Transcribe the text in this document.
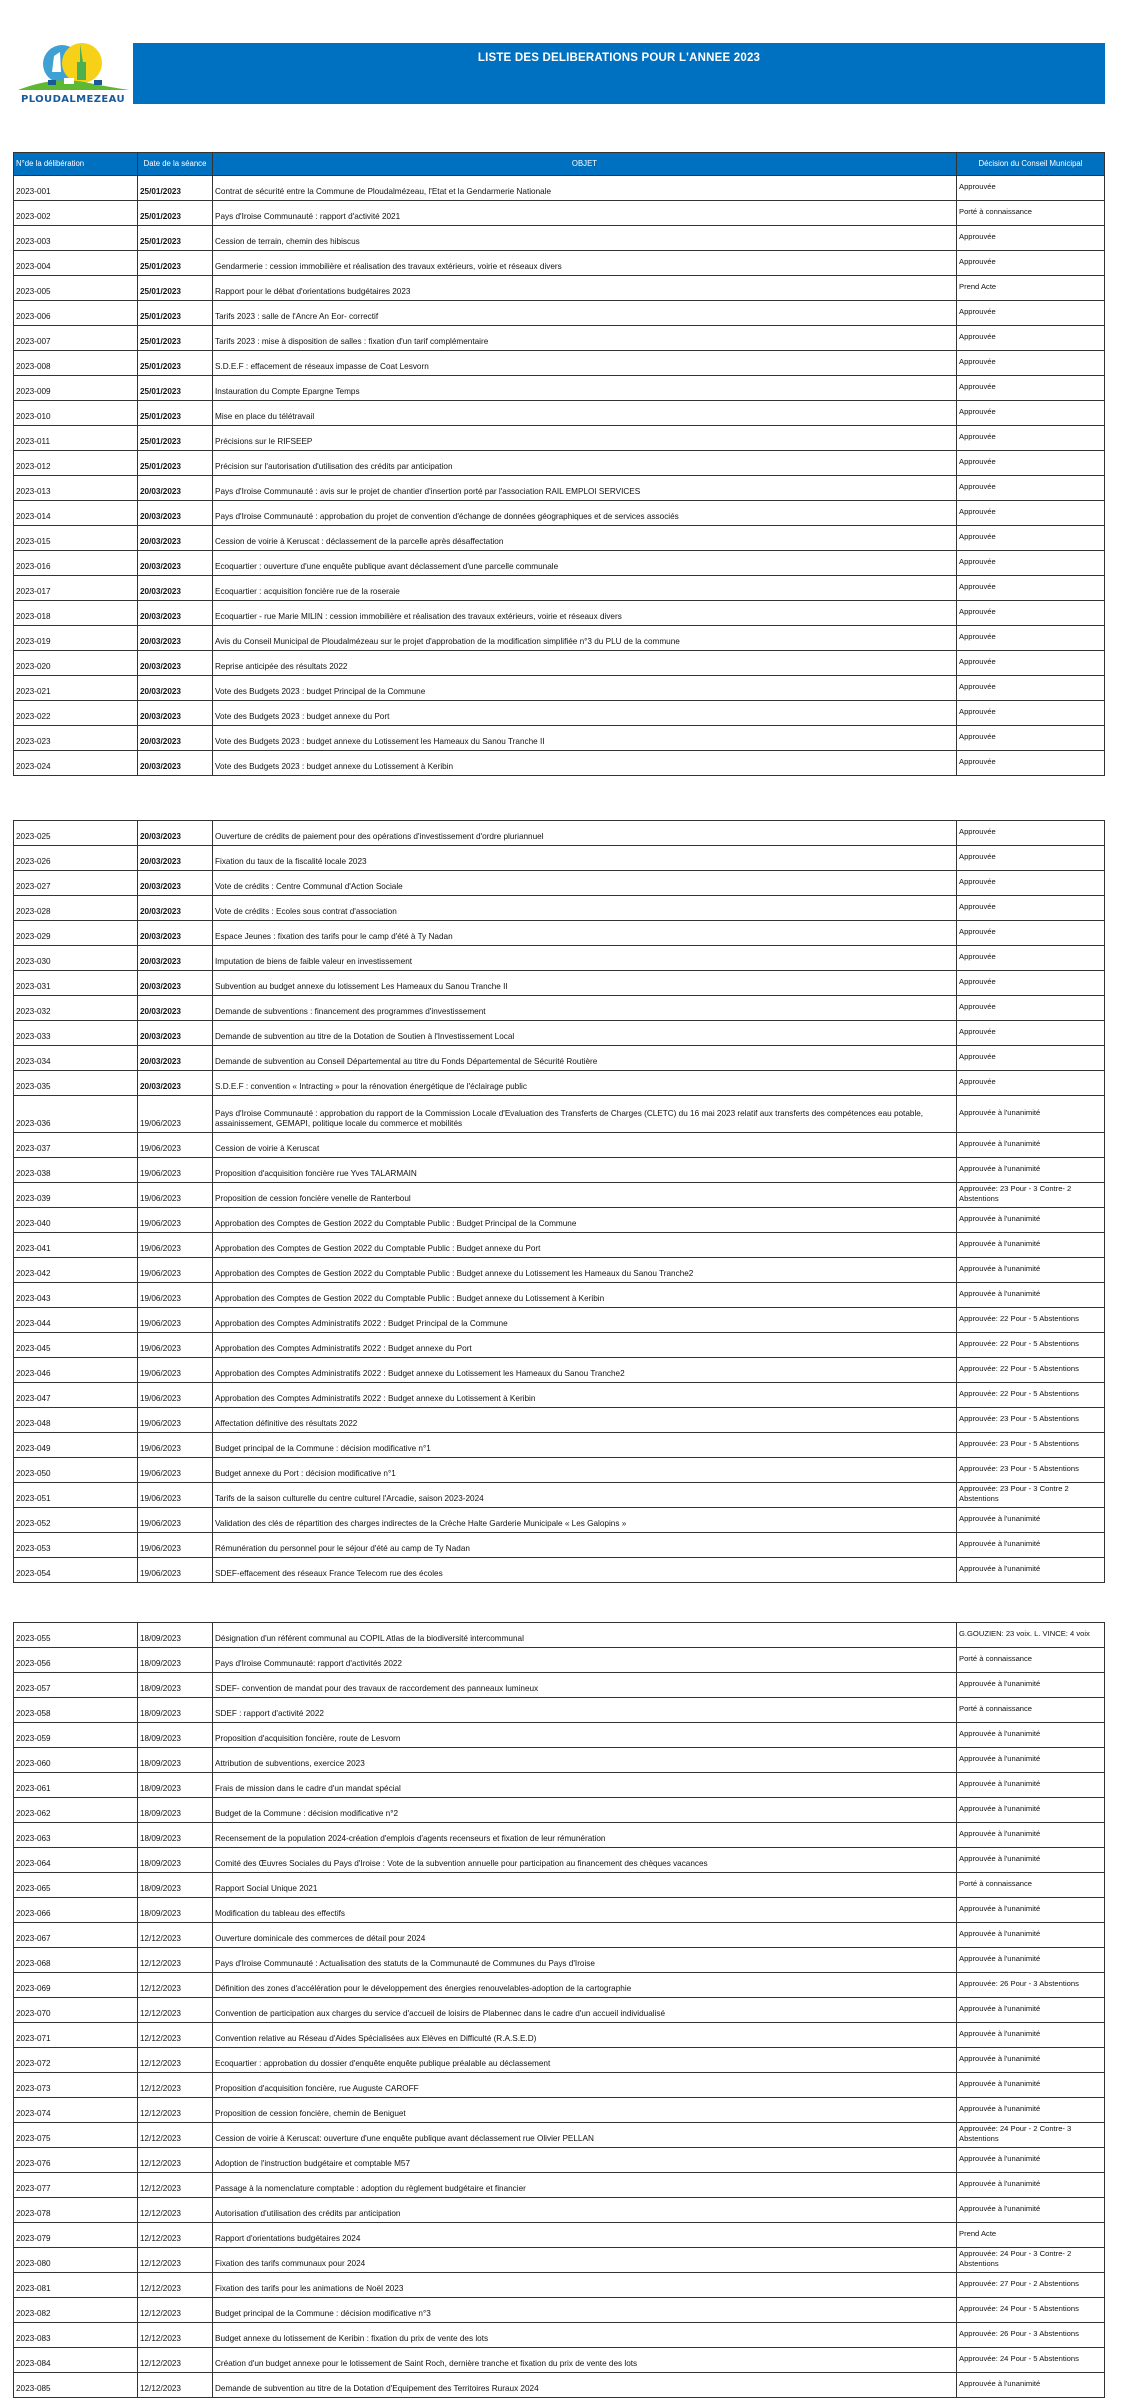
PLOUDALMEZEAU
LISTE DES DELIBERATIONS POUR L'ANNEE 2023
N°de la délibération	Date de la séance	OBJET	Décision du Conseil Municipal
2023-001	25/01/2023	Contrat de sécurité entre la Commune de Ploudalmézeau, l'Etat et la Gendarmerie Nationale	Approuvée
2023-002	25/01/2023	Pays d'Iroise Communauté : rapport d'activité 2021	Porté à connaissance
2023-003	25/01/2023	Cession de terrain, chemin des hibiscus	Approuvée
2023-004	25/01/2023	Gendarmerie : cession immobilière et réalisation des travaux extérieurs, voirie et réseaux divers	Approuvée
2023-005	25/01/2023	Rapport pour le débat d'orientations budgétaires 2023	Prend Acte
2023-006	25/01/2023	Tarifs 2023 : salle de l'Ancre An Eor- correctif	Approuvée
2023-007	25/01/2023	Tarifs 2023 : mise à disposition de salles : fixation d'un tarif complémentaire	Approuvée
2023-008	25/01/2023	S.D.E.F : effacement de réseaux impasse de Coat Lesvorn	Approuvée
2023-009	25/01/2023	Instauration du Compte Epargne Temps	Approuvée
2023-010	25/01/2023	Mise en place du télétravail	Approuvée
2023-011	25/01/2023	Précisions sur le RIFSEEP	Approuvée
2023-012	25/01/2023	Précision sur l'autorisation d'utilisation des crédits par anticipation	Approuvée
2023-013	20/03/2023	Pays d'Iroise Communauté : avis sur le projet de chantier d'insertion porté par l'association RAIL EMPLOI SERVICES	Approuvée
2023-014	20/03/2023	Pays d'Iroise Communauté : approbation du projet de convention d'échange de données géographiques et de services associés	Approuvée
2023-015	20/03/2023	Cession de voirie à Keruscat : déclassement de la parcelle après désaffectation	Approuvée
2023-016	20/03/2023	Ecoquartier : ouverture d'une enquête publique avant déclassement d'une parcelle communale	Approuvée
2023-017	20/03/2023	Ecoquartier : acquisition foncière rue de la roseraie	Approuvée
2023-018	20/03/2023	Ecoquartier - rue Marie MILIN : cession immobilière et réalisation des travaux extérieurs, voirie et réseaux divers	Approuvée
2023-019	20/03/2023	Avis du Conseil Municipal de Ploudalmézeau sur le projet d'approbation de la modification simplifiée n°3 du PLU de la commune	Approuvée
2023-020	20/03/2023	Reprise anticipée des résultats 2022	Approuvée
2023-021	20/03/2023	Vote des Budgets 2023 : budget Principal de la Commune	Approuvée
2023-022	20/03/2023	Vote des Budgets 2023 : budget annexe du Port	Approuvée
2023-023	20/03/2023	Vote des Budgets 2023 : budget annexe du Lotissement les Hameaux du Sanou Tranche II	Approuvée
2023-024	20/03/2023	Vote des Budgets 2023 : budget annexe du Lotissement à Keribin	Approuvée
2023-025	20/03/2023	Ouverture de crédits de paiement pour des opérations d'investissement d'ordre pluriannuel	Approuvée
2023-026	20/03/2023	Fixation du taux de la fiscalité locale 2023	Approuvée
2023-027	20/03/2023	Vote de crédits : Centre Communal d'Action Sociale	Approuvée
2023-028	20/03/2023	Vote de crédits : Ecoles sous contrat d'association	Approuvée
2023-029	20/03/2023	Espace Jeunes : fixation des tarifs pour le camp d'été à Ty Nadan	Approuvée
2023-030	20/03/2023	Imputation de biens de faible valeur en investissement	Approuvée
2023-031	20/03/2023	Subvention au budget annexe du lotissement Les Hameaux du Sanou Tranche II	Approuvée
2023-032	20/03/2023	Demande de subventions : financement des programmes d'investissement	Approuvée
2023-033	20/03/2023	Demande de subvention au titre de la Dotation de Soutien à l'Investissement Local	Approuvée
2023-034	20/03/2023	Demande de subvention au Conseil Départemental au titre du Fonds Départemental de Sécurité Routière	Approuvée
2023-035	20/03/2023	S.D.E.F : convention « Intracting » pour la rénovation énergétique de l'éclairage public	Approuvée
2023-036	19/06/2023	Pays d'Iroise Communauté : approbation du rapport de la Commission Locale d'Evaluation des Transferts de Charges (CLETC) du 16 mai 2023 relatif aux transferts des compétences eau potable, assainissement, GEMAPI, politique locale du commerce et mobilités	Approuvée à l'unanimité
2023-037	19/06/2023	Cession de voirie à Keruscat	Approuvée à l'unanimité
2023-038	19/06/2023	Proposition d'acquisition foncière rue Yves TALARMAIN	Approuvée à l'unanimité
2023-039	19/06/2023	Proposition de cession foncière venelle de Ranterboul	Approuvée: 23 Pour - 3 Contre- 2 Abstentions
2023-040	19/06/2023	Approbation des Comptes de Gestion 2022 du Comptable Public : Budget Principal de la Commune	Approuvée à l'unanimité
2023-041	19/06/2023	Approbation des Comptes de Gestion 2022 du Comptable Public : Budget annexe du Port	Approuvée à l'unanimité
2023-042	19/06/2023	Approbation des Comptes de Gestion 2022 du Comptable Public : Budget annexe du Lotissement les Hameaux du Sanou Tranche2	Approuvée à l'unanimité
2023-043	19/06/2023	Approbation des Comptes de Gestion 2022 du Comptable Public : Budget annexe du Lotissement à Keribin	Approuvée à l'unanimité
2023-044	19/06/2023	Approbation des Comptes Administratifs 2022 : Budget Principal de la Commune	Approuvée: 22 Pour - 5 Abstentions
2023-045	19/06/2023	Approbation des Comptes Administratifs 2022 : Budget annexe du Port	Approuvée: 22 Pour - 5 Abstentions
2023-046	19/06/2023	Approbation des Comptes Administratifs 2022 : Budget annexe du Lotissement les Hameaux du Sanou Tranche2	Approuvée: 22 Pour - 5 Abstentions
2023-047	19/06/2023	Approbation des Comptes Administratifs 2022 : Budget annexe du Lotissement à Keribin	Approuvée: 22 Pour - 5 Abstentions
2023-048	19/06/2023	Affectation définitive des résultats 2022	Approuvée: 23 Pour - 5 Abstentions
2023-049	19/06/2023	Budget principal de la Commune : décision modificative n°1	Approuvée: 23 Pour - 5 Abstentions
2023-050	19/06/2023	Budget annexe du Port : décision modificative n°1	Approuvée: 23 Pour - 5 Abstentions
2023-051	19/06/2023	Tarifs de la saison culturelle du centre culturel l'Arcadie, saison 2023-2024	Approuvée: 23 Pour - 3 Contre 2 Abstentions
2023-052	19/06/2023	Validation des clés de répartition des charges indirectes de la Crèche Halte Garderie Municipale « Les Galopins »	Approuvée à l'unanimité
2023-053	19/06/2023	Rémunération du personnel pour le séjour d'été au camp de Ty Nadan	Approuvée à l'unanimité
2023-054	19/06/2023	SDEF-effacement des réseaux France Telecom rue des écoles	Approuvée à l'unanimité
2023-055	18/09/2023	Désignation d'un référent communal au COPIL Atlas de la biodiversité intercommunal	G.GOUZIEN: 23 voix. L. VINCE: 4 voix
2023-056	18/09/2023	Pays d'Iroise Communauté: rapport d'activités 2022	Porté à connaissance
2023-057	18/09/2023	SDEF- convention de mandat pour des travaux de raccordement des panneaux lumineux	Approuvée à l'unanimité
2023-058	18/09/2023	SDEF : rapport d'activité 2022	Porté à connaissance
2023-059	18/09/2023	Proposition d'acquisition foncière, route de Lesvorn	Approuvée à l'unanimité
2023-060	18/09/2023	Attribution de subventions, exercice 2023	Approuvée à l'unanimité
2023-061	18/09/2023	Frais de mission dans le cadre d'un mandat spécial	Approuvée à l'unanimité
2023-062	18/09/2023	Budget de la Commune : décision modificative n°2	Approuvée à l'unanimité
2023-063	18/09/2023	Recensement de la population 2024-création d'emplois d'agents recenseurs et fixation de leur rémunération	Approuvée à l'unanimité
2023-064	18/09/2023	Comité des Œuvres Sociales du Pays d'Iroise : Vote de la subvention annuelle pour participation au financement des chèques vacances	Approuvée à l'unanimité
2023-065	18/09/2023	Rapport Social Unique 2021	Porté à connaissance
2023-066	18/09/2023	Modification du tableau des effectifs	Approuvée à l'unanimité
2023-067	12/12/2023	Ouverture dominicale des commerces de détail pour 2024	Approuvée à l'unanimité
2023-068	12/12/2023	Pays d'Iroise Communauté : Actualisation des statuts de la Communauté de Communes du Pays d'Iroise	Approuvée à l'unanimité
2023-069	12/12/2023	Définition des zones d'accélération pour le développement des énergies renouvelables-adoption de la cartographie	Approuvée: 26 Pour - 3 Abstentions
2023-070	12/12/2023	Convention de participation aux charges du service d'accueil de loisirs de Plabennec dans le cadre d'un accueil individualisé	Approuvée à l'unanimité
2023-071	12/12/2023	Convention relative au Réseau d'Aides Spécialisées aux Elèves en Difficulté (R.A.S.E.D)	Approuvée à l'unanimité
2023-072	12/12/2023	Ecoquartier : approbation du dossier d'enquête enquête publique préalable au déclassement	Approuvée à l'unanimité
2023-073	12/12/2023	Proposition d'acquisition foncière, rue Auguste CAROFF	Approuvée à l'unanimité
2023-074	12/12/2023	Proposition de cession foncière, chemin de Beniguet	Approuvée à l'unanimité
2023-075	12/12/2023	Cession de voirie à Keruscat: ouverture d'une enquête publique avant déclassement rue Olivier PELLAN	Approuvée: 24 Pour - 2 Contre- 3 Abstentions
2023-076	12/12/2023	Adoption de l'instruction budgétaire et comptable M57	Approuvée à l'unanimité
2023-077	12/12/2023	Passage à la nomenclature comptable : adoption du règlement budgétaire et financier	Approuvée à l'unanimité
2023-078	12/12/2023	Autorisation d'utilisation des crédits par anticipation	Approuvée à l'unanimité
2023-079	12/12/2023	Rapport d'orientations budgétaires 2024	Prend Acte
2023-080	12/12/2023	Fixation des tarifs communaux pour 2024	Approuvée: 24 Pour - 3 Contre- 2 Abstentions
2023-081	12/12/2023	Fixation des tarifs pour les animations de Noël 2023	Approuvée: 27 Pour - 2 Abstentions
2023-082	12/12/2023	Budget principal de la Commune : décision modificative n°3	Approuvée: 24 Pour - 5 Abstentions
2023-083	12/12/2023	Budget annexe du lotissement de Keribin : fixation du prix de vente des lots	Approuvée: 26 Pour - 3 Abstentions
2023-084	12/12/2023	Création d'un budget annexe pour le lotissement de Saint Roch, dernière tranche et fixation du prix de vente des lots	Approuvée: 24 Pour - 5 Abstentions
2023-085	12/12/2023	Demande de subvention au titre de la Dotation d'Equipement des Territoires Ruraux 2024	Approuvée à l'unanimité
